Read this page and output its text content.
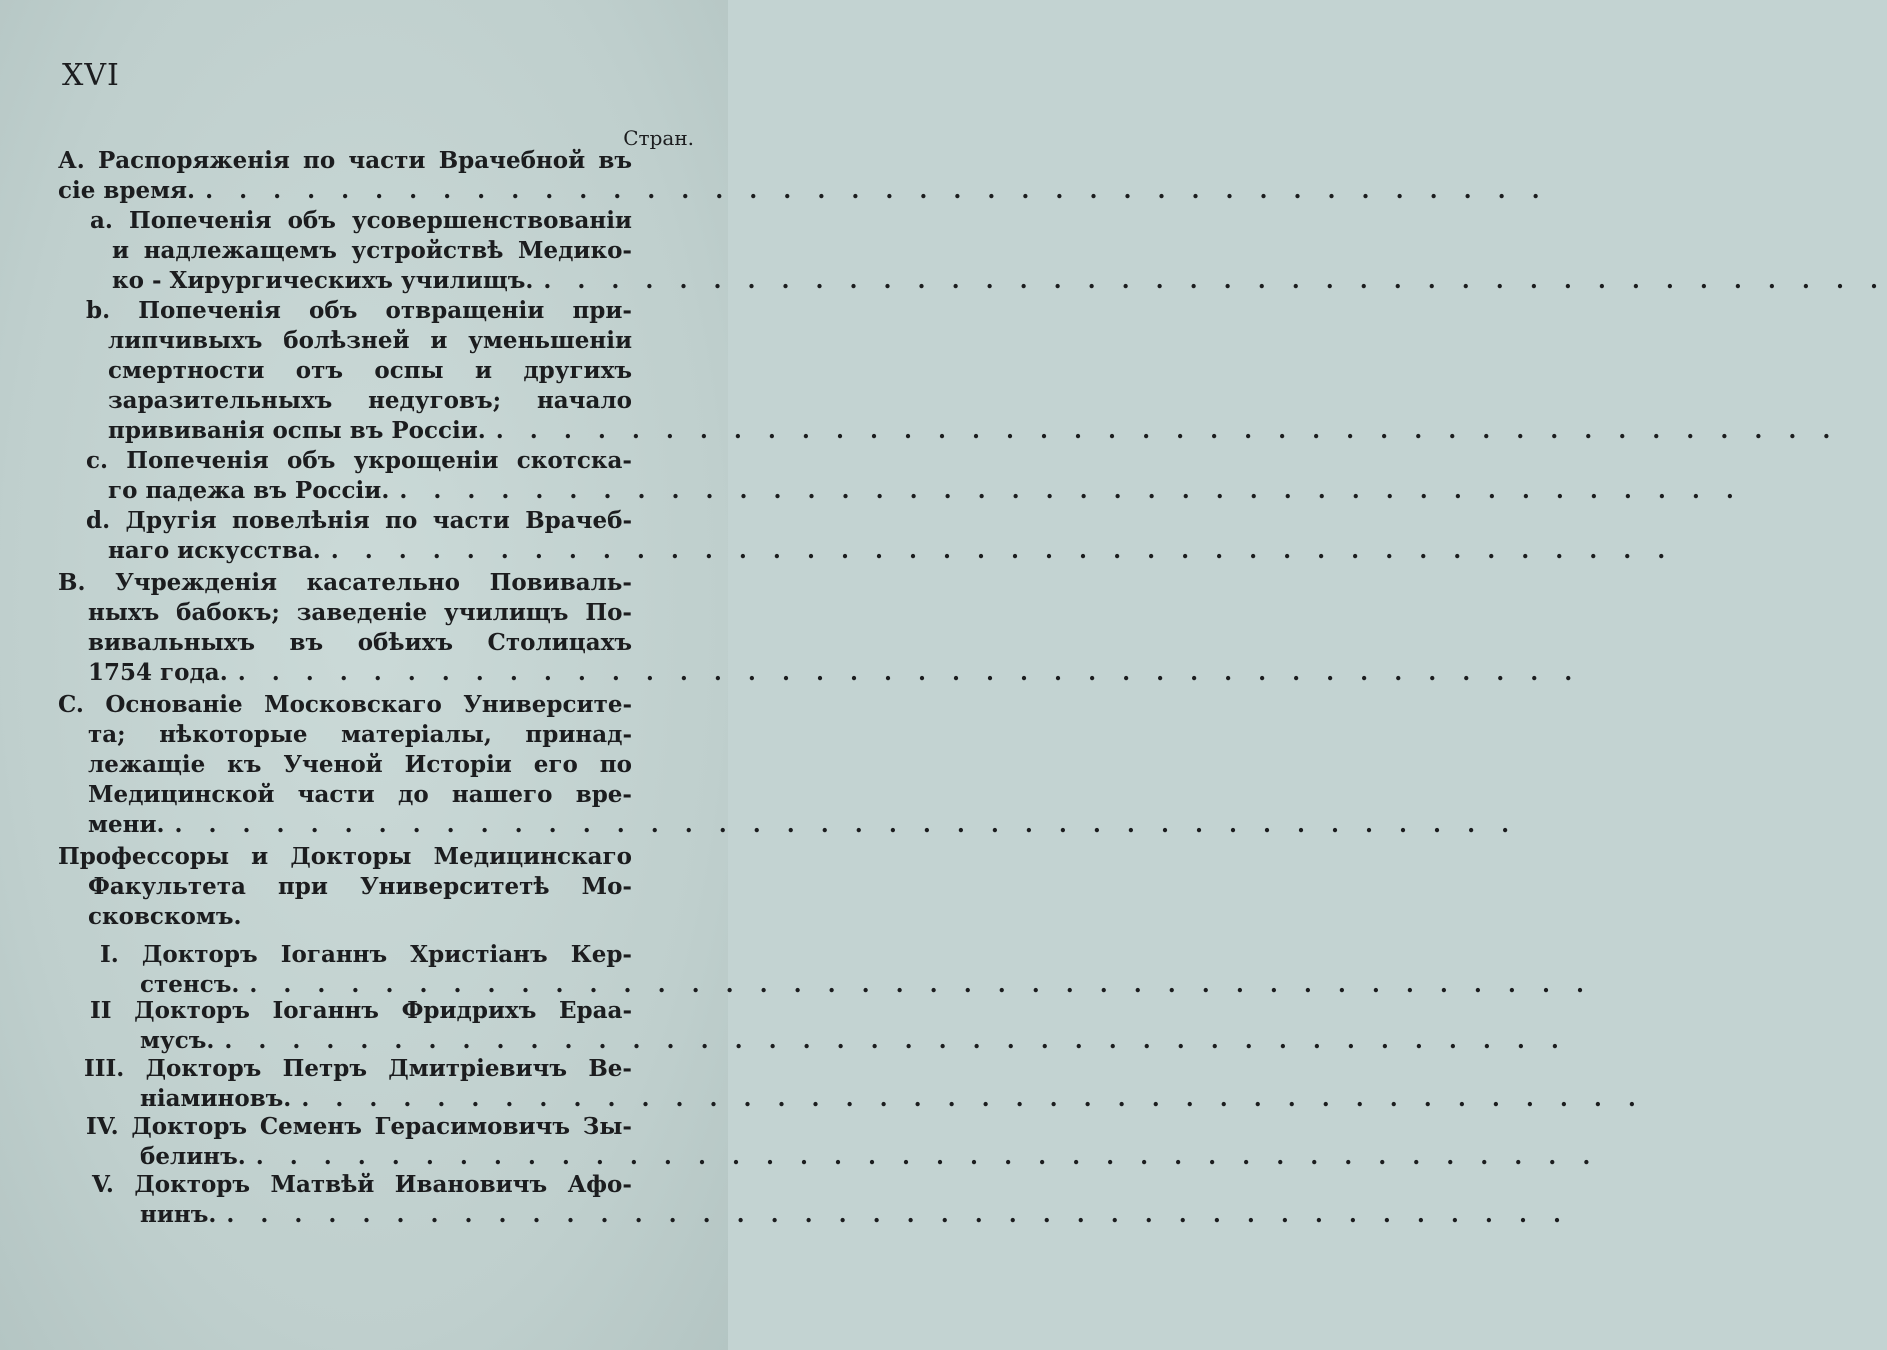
XVI
Стран.
А. Распоряженія по части Врачебной въ
сіе время. . . . . . . . . . . . . . . . . . . . . . . . . . . . . . . . . . . . . . . . .
а. Попеченія объ усовершенствованіи
и надлежащемъ устройствѣ Медико-
ко - Хирургическихъ училищъ. . . . . . . . . . . . . . . . . . . . . . . . . . . . . . . . . . . . . . . . .
b. Попеченія объ отвращеніи при-
липчивыхъ болѣзней и уменьшеніи
смертности отъ оспы и другихъ
заразительныхъ недуговъ; начало
прививанія оспы въ Россіи. . . . . . . . . . . . . . . . . . . . . . . . . . . . . . . . . . . . . . . . .
c. Попеченія объ укрощеніи скотска-
го падежа въ Россіи. . . . . . . . . . . . . . . . . . . . . . . . . . . . . . . . . . . . . . . . .
d. Другія повелѣнія по части Врачеб-
наго искусства. . . . . . . . . . . . . . . . . . . . . . . . . . . . . . . . . . . . . . . . .
B. Учрежденія касательно Повиваль-
ныхъ бабокъ; заведеніе училищъ По-
вивальныхъ въ обѣихъ Столицахъ
1754 года. . . . . . . . . . . . . . . . . . . . . . . . . . . . . . . . . . . . . . . . .
C. Основаніе Московскаго Университе-
та; нѣкоторые матеріалы, принад-
лежащіе къ Ученой Исторіи его по
Медицинской части до нашего вре-
мени. . . . . . . . . . . . . . . . . . . . . . . . . . . . . . . . . . . . . . . . .
Профессоры и Докторы Медицинскаго
Факультета при Университетѣ Мо-
сковскомъ.
I. Докторъ Іоганнъ Христіанъ Кер-
стенсъ. . . . . . . . . . . . . . . . . . . . . . . . . . . . . . . . . . . . . . . . .
II Докторъ Іоганнъ Фридрихъ Ераа-
мусъ. . . . . . . . . . . . . . . . . . . . . . . . . . . . . . . . . . . . . . . . .
III. Докторъ Петръ Дмитріевичъ Ве-
ніаминовъ. . . . . . . . . . . . . . . . . . . . . . . . . . . . . . . . . . . . . . . . .
IV. Докторъ Семенъ Герасимовичъ Зы-
белинъ. . . . . . . . . . . . . . . . . . . . . . . . . . . . . . . . . . . . . . . . .
V. Докторъ Матвѣй Ивановичъ Афо-
нинъ. . . . . . . . . . . . . . . . . . . . . . . . . . . . . . . . . . . . . . . . .
